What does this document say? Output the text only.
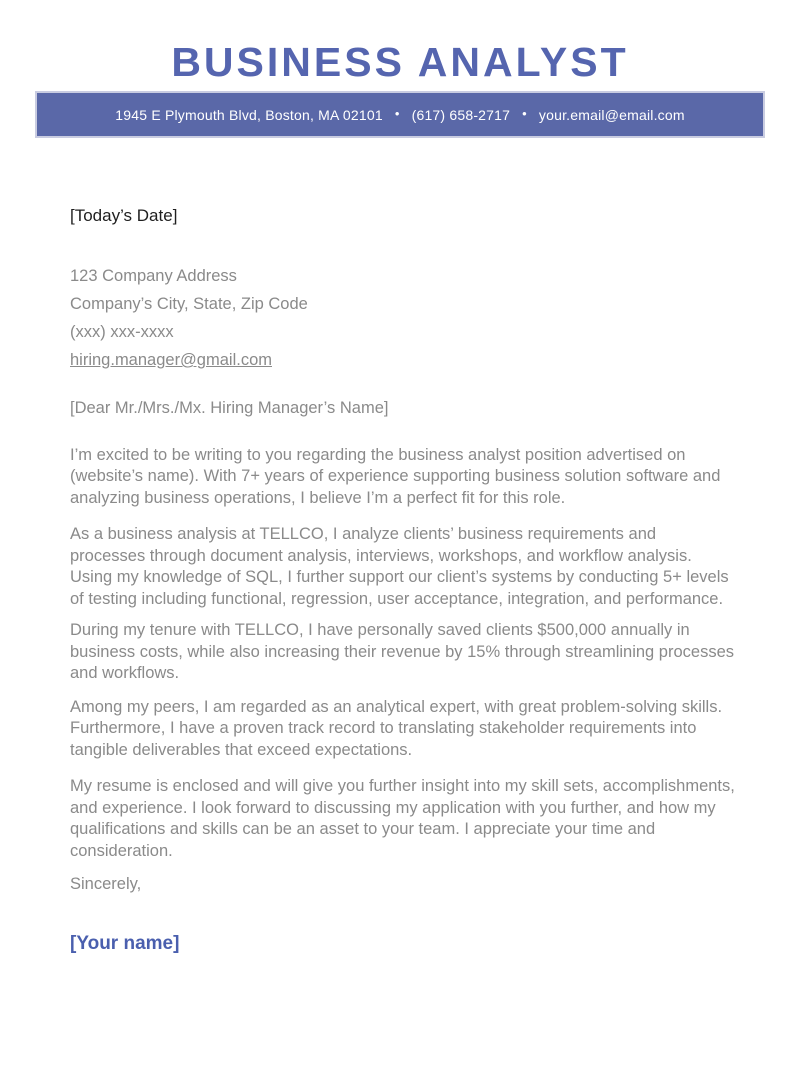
BUSINESS ANALYST
1945 E Plymouth Blvd, Boston, MA 02101 • (617) 658-2717 • your.email@email.com

[Today’s Date]

123 Company Address

Company’s City, State, Zip Code

(xxx) xxx-xxxx

hiring.manager@gmail.com

[Dear Mr./Mrs./Mx. Hiring Manager’s Name]

I’m excited to be writing to you regarding the business analyst position advertised on (website’s name). With 7+ years of experience supporting business solution software and analyzing business operations, I believe I’m a perfect fit for this role.

As a business analysis at TELLCO, I analyze clients’ business requirements and processes through document analysis, interviews, workshops, and workflow analysis. Using my knowledge of SQL, I further support our client’s systems by conducting 5+ levels of testing including functional, regression, user acceptance, integration, and performance.

During my tenure with TELLCO, I have personally saved clients $500,000 annually in business costs, while also increasing their revenue by 15% through streamlining processes and workflows.

Among my peers, I am regarded as an analytical expert, with great problem-solving skills. Furthermore, I have a proven track record to translating stakeholder requirements into tangible deliverables that exceed expectations.

My resume is enclosed and will give you further insight into my skill sets, accomplishments, and experience. I look forward to discussing my application with you further, and how my qualifications and skills can be an asset to your team. I appreciate your time and consideration.

Sincerely,

[Your name]
